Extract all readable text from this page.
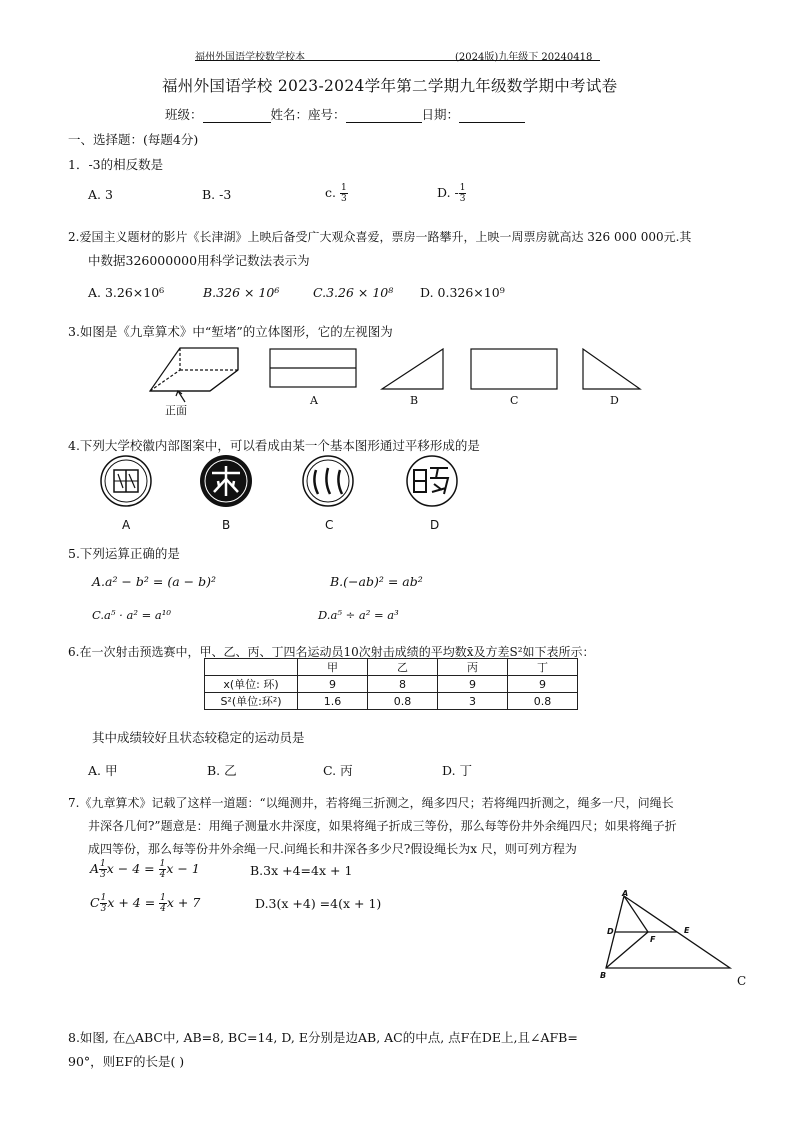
福州外国语学校数学校本	(2024版)九年级下 20240418
福州外国语学校 2023-2024学年第二学期九年级数学期中考试卷
班级：	姓名：座号：	日期：
一、选择题：(每题4分)
1．-3的相反数是
A. 3	B. -3	c. $\frac{1}{3}$	D. - $\frac{1}{3}$
2.爱国主义题材的影片《长津湖》上映后备受广大观众喜爱，票房一路攀升，上映一周票房就高达 326 000 000元.其
中数据326000000用科学记数法表示为
A. 3.26×10⁶	B.326 × 10⁶	C.3.26 × 10⁸ D. 0.326×10⁹
3.如图是《九章算术》中“堑堵”的立体图形，它的左视图为
正面
A	B	C	D
4.下列大学校徽内部图案中，可以看成由某一个基本图形通过平移形成的是
A	B	C	D
5.下列运算正确的是
A.a² − b² = (a − b)²	B.(−ab)² = ab²
C.a⁵ · a² = a¹⁰	D.a⁵ ÷ a² = a³
6.在一次射击预选赛中，甲、乙、丙、丁四名运动员10次射击成绩的平均数x̄及方差S²如下表所示：
	甲	乙	丙	丁
x(单位: 环)	9	8	9	9
S²(单位:环²)	1.6	0.8	3	0.8
其中成绩较好且状态较稳定的运动员是
A. 甲	B. 乙	C. 丙	D. 丁
7.《九章算术》记载了这样一道题：“以绳测井，若将绳三折测之，绳多四尺；若将绳四折测之，绳多一尺，问绳长
井深各几何?”题意是：用绳子测量水井深度，如果将绳子折成三等份，那么每等份井外余绳四尺；如果将绳子折
成四等份，那么每等份井外余绳一尺.问绳长和井深各多少尺?假设绳长为x 尺，则可列方程为
A $\frac{1}{3}$ $x - 4 = \frac{1}{4}$ x − 1	B.3x +4=4x + 1
C $\frac{1}{3}$ $x + 4 = \frac{1}{4}$ x + 7	D.3(x +4) =4(x + 1)
A
D
F
E
B	C
8.如图, 在△ABC中, AB=8, BC=14, D, E分别是边AB, AC的中点, 点F在DE上,且∠AFB=
90°，则EF的长是( )
